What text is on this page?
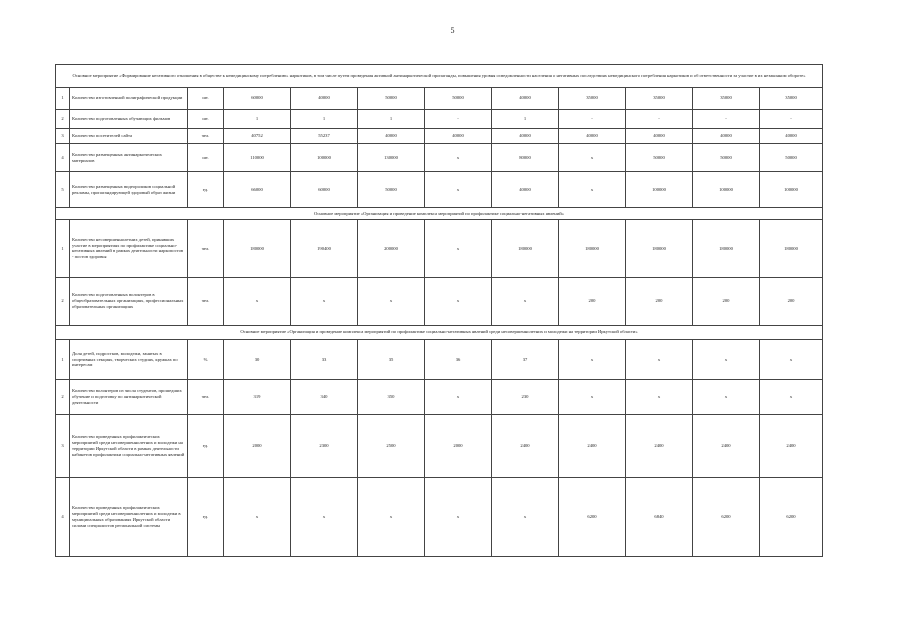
5
Основное мероприятие «Формирование негативного отношения в обществе к немедицинскому потреблению» наркотиков, в том числе путем проведения активной антинаркотической пропаганды, повышения уровня осведомленности населения о негативных последствиях немедицинского потребления наркотиков и об ответственности за участие в их незаконном обороте»											
1	Количество изготовленной полиграфической продукции	шт.	60000	40000	50000	50000	40000	35000	35000	35000	35000
2	Количество подготовленных обучающих фильмов	шт.	1	1	1	-	1	-	-	-	-
3	Количество посетителей сайта	чел.	40752	55237	40000	40000	40000	40000	40000	40000	40000
4	Количество размещенных антинаркотических материалов	шт.	110000	100000	130000	х	80000	х	50000	50000	50000
5	Количество размещенных видеороликов социальной рекламы, пропагандирующей здоровый образ жизни	ед.	66000	60000	50000	х	40000	х	100000	100000	100000
Основное мероприятие «Организация и проведение комплекса мероприятий по профилактике социально-негативных явлений»											
1	Количество несовершеннолетних детей, принявших участие в мероприятиях по профилактике социально-негативных явлений в рамках деятельности наркопостов - постов здоровья	чел.	180000	190400	200000	х	180000	180000	180000	180000	180000
2	Количество подготовленных волонтеров в общеобразовательных организациях, профессиональных образовательных организациях	чел.	х	х	х	х	х	200	200	200	200
Основное мероприятие «Организация и проведение комплекса мероприятий по профилактике социально-негативных явлений среди несовершеннолетних и молодежи на территории Иркутской области»											
1	Доля детей, подростков, молодежи, занятых в спортивных секциях, творческих студиях, кружках по интересам	%	30	33	35	36	37	х	х	х	х
2	Количество волонтеров из числа студентов, прошедших обучение и подготовку по антинаркотической деятельности	чел.	319	340	350	х	230	х	х	х	х
3	Количество проведенных профилактических мероприятий среди несовершеннолетних и молодежи на территории Иркутской области в рамках деятельности кабинетов профилактики социально-негативных явлений	ед.	2000	2300	2500	2000	2400	2400	2400	2400	2400
4	Количество проведенных профилактических мероприятий среди несовершеннолетних и молодежи в муниципальных образованиях Иркутской области силами специалистов региональной системы	ед.	х	х	х	х	х	6200	6840	6200	6200
